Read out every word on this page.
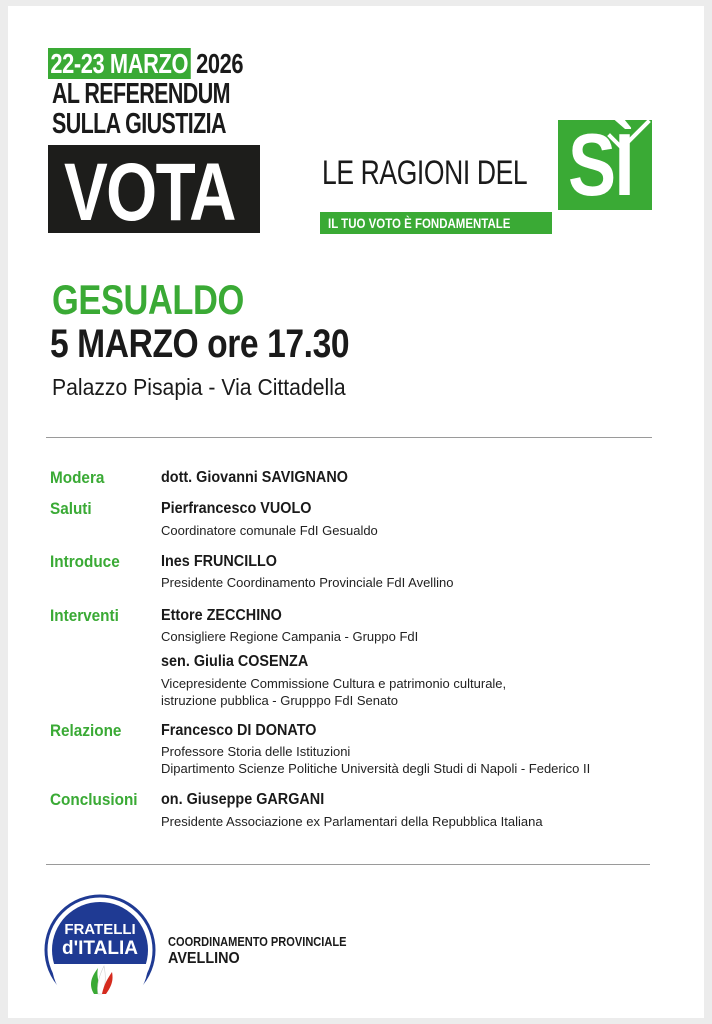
22-23 MARZO 2026
AL REFERENDUM
SULLA GIUSTIZIA
VOTA	LE RAGIONI DEL SÌ
IL TUO VOTO È FONDAMENTALE
GESUALDO
5 MARZO ore 17.30
Palazzo Pisapia - Via Cittadella
Modera	dott. Giovanni SAVIGNANO
Saluti	Pierfrancesco VUOLO
Coordinatore comunale FdI Gesualdo
Introduce	Ines FRUNCILLO
Presidente Coordinamento Provinciale FdI Avellino
Interventi	Ettore ZECCHINO
Consigliere Regione Campania - Gruppo FdI
sen. Giulia COSENZA
Vicepresidente Commissione Cultura e patrimonio culturale,
istruzione pubblica - Grupppo FdI Senato
Relazione Francesco DI DONATO
Professore Storia delle Istituzioni
Dipartimento Scienze Politiche Università degli Studi di Napoli - Federico II
Conclusioni on. Giuseppe GARGANI
Presidente Associazione ex Parlamentari della Repubblica Italiana
FRATELLI
d'ITALIA COORDINAMENTO PROVINCIALE
AVELLINO
